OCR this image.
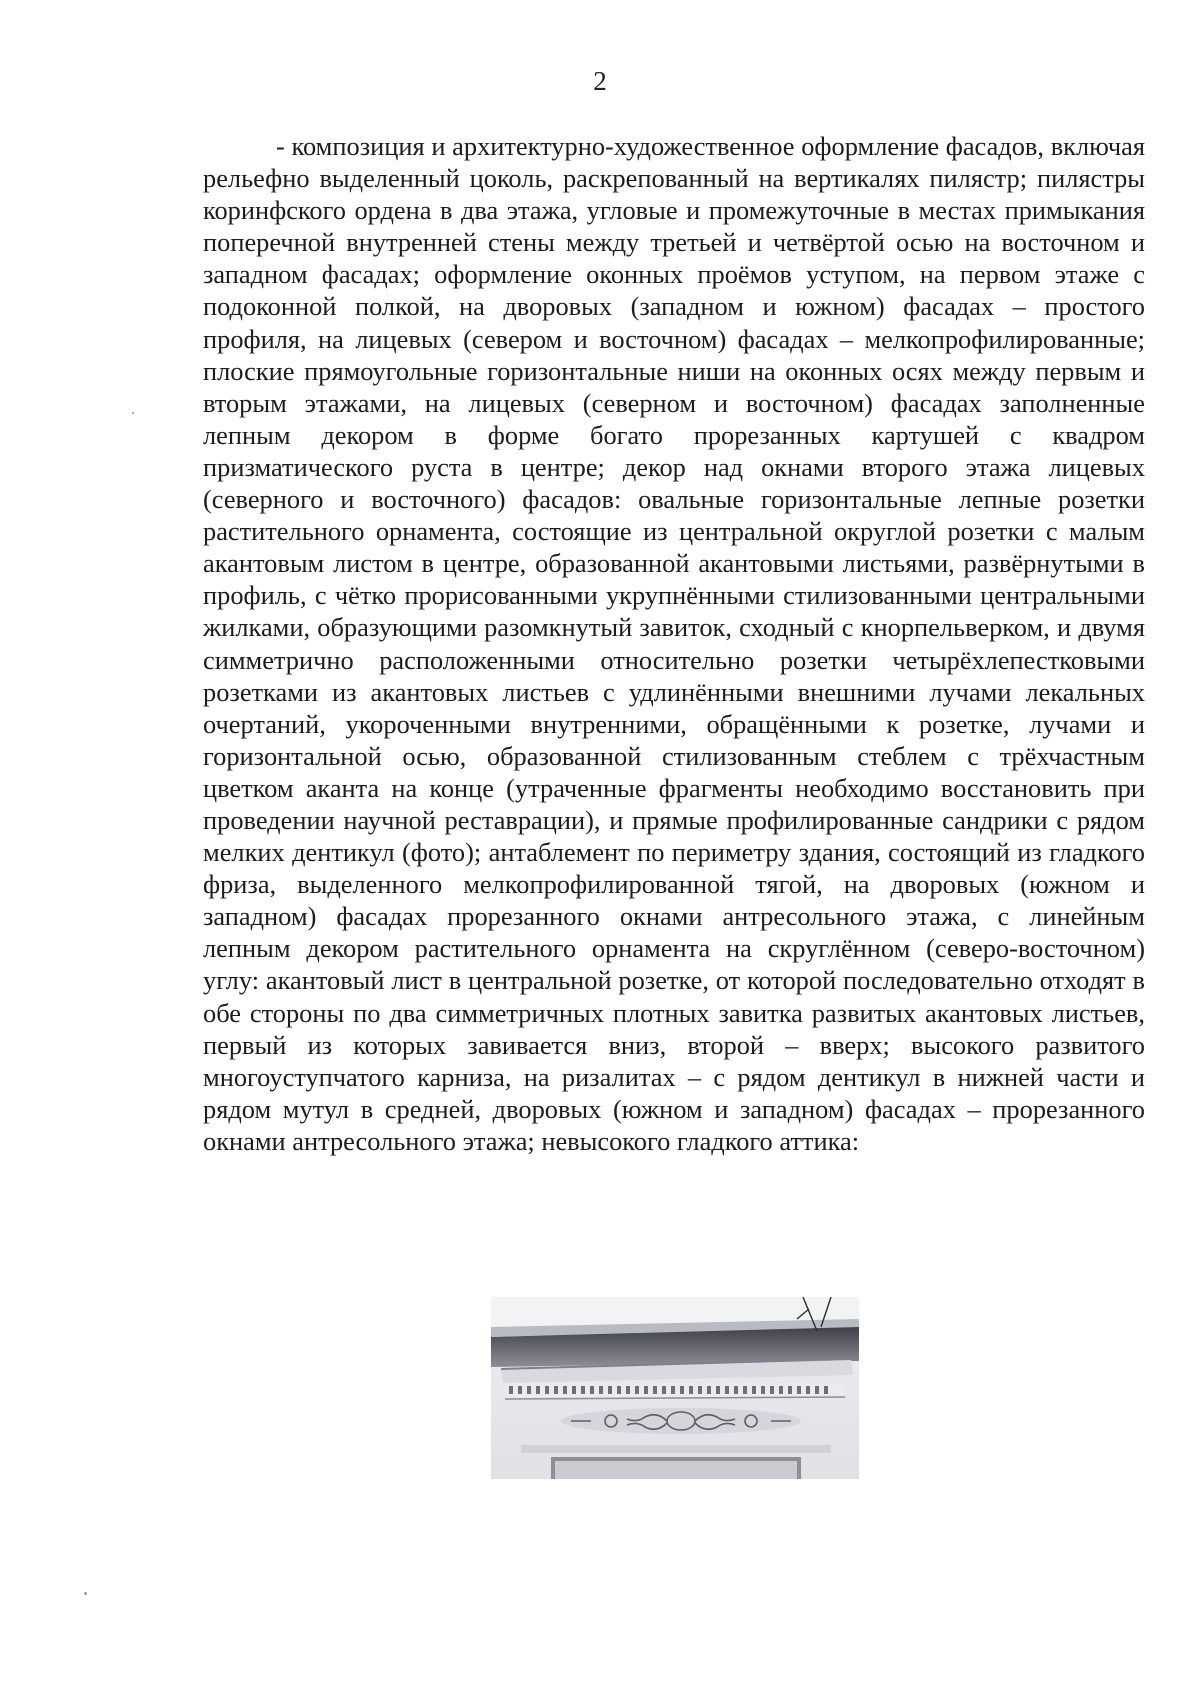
2

- композиция и архитектурно-художественное оформление фасадов, включая рельефно выделенный цоколь, раскрепованный на вертикалях пилястр; пилястры коринфского ордена в два этажа, угловые и промежуточные в местах примыкания поперечной внутренней стены между третьей и четвёртой осью на восточном и западном фасадах; оформление оконных проёмов уступом, на первом этаже с подоконной полкой, на дворовых (западном и южном) фасадах – простого профиля, на лицевых (севером и восточном) фасадах – мелкопрофилированные; плоские прямоугольные горизонтальные ниши на оконных осях между первым и вторым этажами, на лицевых (северном и восточном) фасадах заполненные лепным декором в форме богато прорезанных картушей с квадром призматического руста в центре; декор над окнами второго этажа лицевых (северного и восточного) фасадов: овальные горизонтальные лепные розетки растительного орнамента, состоящие из центральной округлой розетки с малым акантовым листом в центре, образованной акантовыми листьями, развёрнутыми в профиль, с чётко прорисованными укрупнёнными стилизованными центральными жилками, образующими разомкнутый завиток, сходный с кнорпельверком, и двумя симметрично расположенными относительно розетки четырёхлепестковыми розетками из акантовых листьев с удлинёнными внешними лучами лекальных очертаний, укороченными внутренними, обращёнными к розетке, лучами и горизонтальной осью, образованной стилизованным стеблем с трёхчастным цветком аканта на конце (утраченные фрагменты необходимо восстановить при проведении научной реставрации), и прямые профилированные сандрики с рядом мелких дентикул (фото); антаблемент по периметру здания, состоящий из гладкого фриза, выделенного мелкопрофилированной тягой, на дворовых (южном и западном) фасадах прорезанного окнами антресольного этажа, с линейным лепным декором растительного орнамента на скруглённом (северо-восточном) углу: акантовый лист в центральной розетке, от которой последовательно отходят в обе стороны по два симметричных плотных завитка развитых акантовых листьев, первый из которых завивается вниз, второй – вверх; высокого развитого многоуступчатого карниза, на ризалитах – с рядом дентикул в нижней части и рядом мутул в средней, дворовых (южном и западном) фасадах – прорезанного окнами антресольного этажа; невысокого гладкого аттика:
